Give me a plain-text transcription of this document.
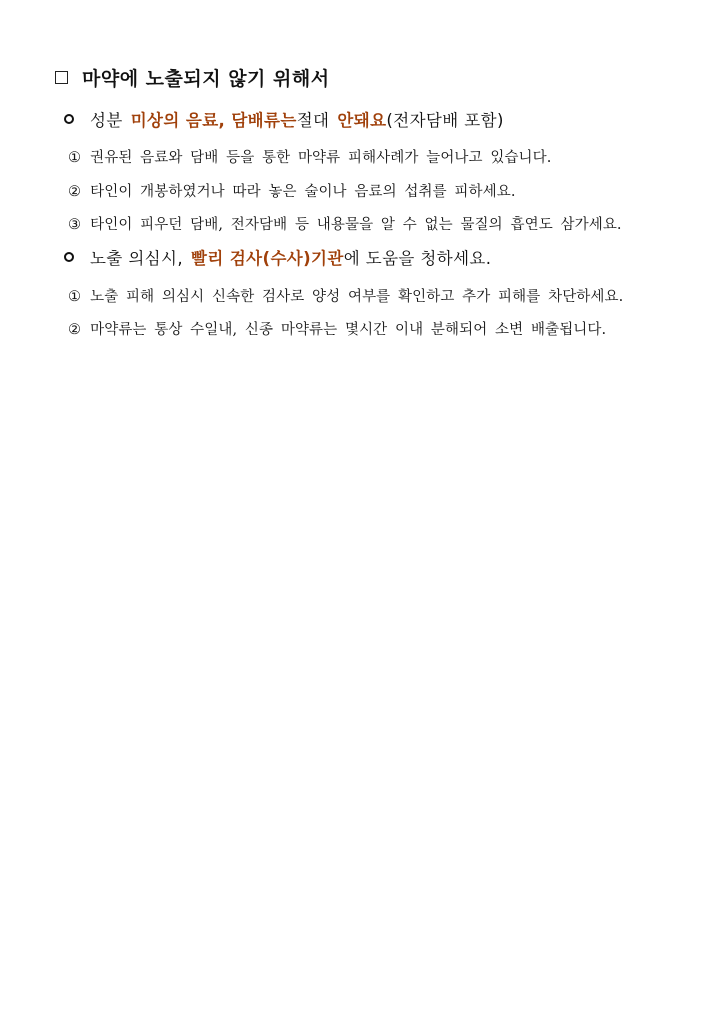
마약에 노출되지 않기 위해서
성분 미상의 음료, 담배류는 절대 안돼요 (전자담배 포함)
① 권유된 음료와 담배 등을 통한 마약류 피해사례가 늘어나고 있습니다.
② 타인이 개봉하였거나 따라 놓은 술이나 음료의 섭취를 피하세요.
③ 타인이 피우던 담배, 전자담배 등 내용물을 알 수 없는 물질의 흡연도 삼가세요.
노출 의심시, 빨리 검사(수사)기관 에 도움을 청하세요.
① 노출 피해 의심시 신속한 검사로 양성 여부를 확인하고 추가 피해를 차단하세요.
② 마약류는 통상 수일내, 신종 마약류는 몇시간 이내 분해되어 소변 배출됩니다.
